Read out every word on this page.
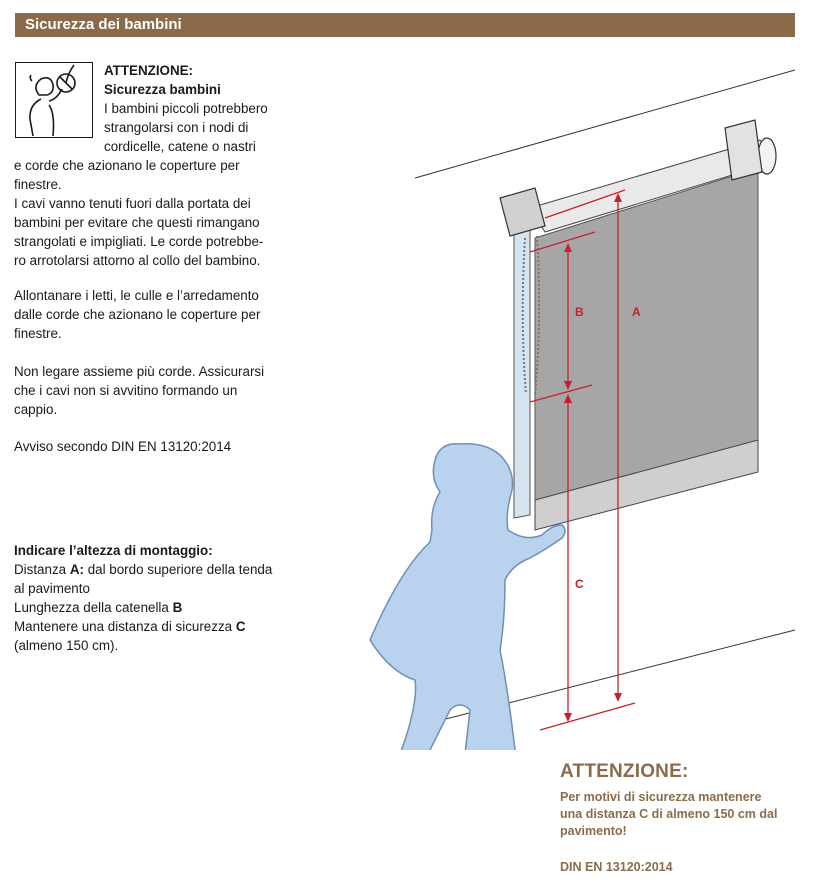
Sicurezza dei bambini

ATTENZIONE:

Sicurezza bambini

I bambini piccoli potrebbero

strangolarsi con i nodi di

cordicelle, catene o nastri

e corde che azionano le coperture per

finestre.

I cavi vanno tenuti fuori dalla portata dei

bambini per evitare che questi rimangano

strangolati e impigliati. Le corde potrebbe-

ro arrotolarsi attorno al collo del bambino.

Allontanare i letti, le culle e l’arredamento

dalle corde che azionano le coperture per

finestre.

Non legare assieme più corde. Assicurarsi

che i cavi non si avvitino formando un

cappio.

Avviso secondo DIN EN 13120:2014

Indicare l’altezza di montaggio:

Distanza A: dal bordo superiore della tenda

al pavimento

Lunghezza della catenella B

Mantenere una distanza di sicurezza C

(almeno 150 cm).

A
B
C
ATTENZIONE:
Per motivi di sicurezza mantenere
una distanza C di almeno 150 cm dal
pavimento!
DIN EN 13120:2014
